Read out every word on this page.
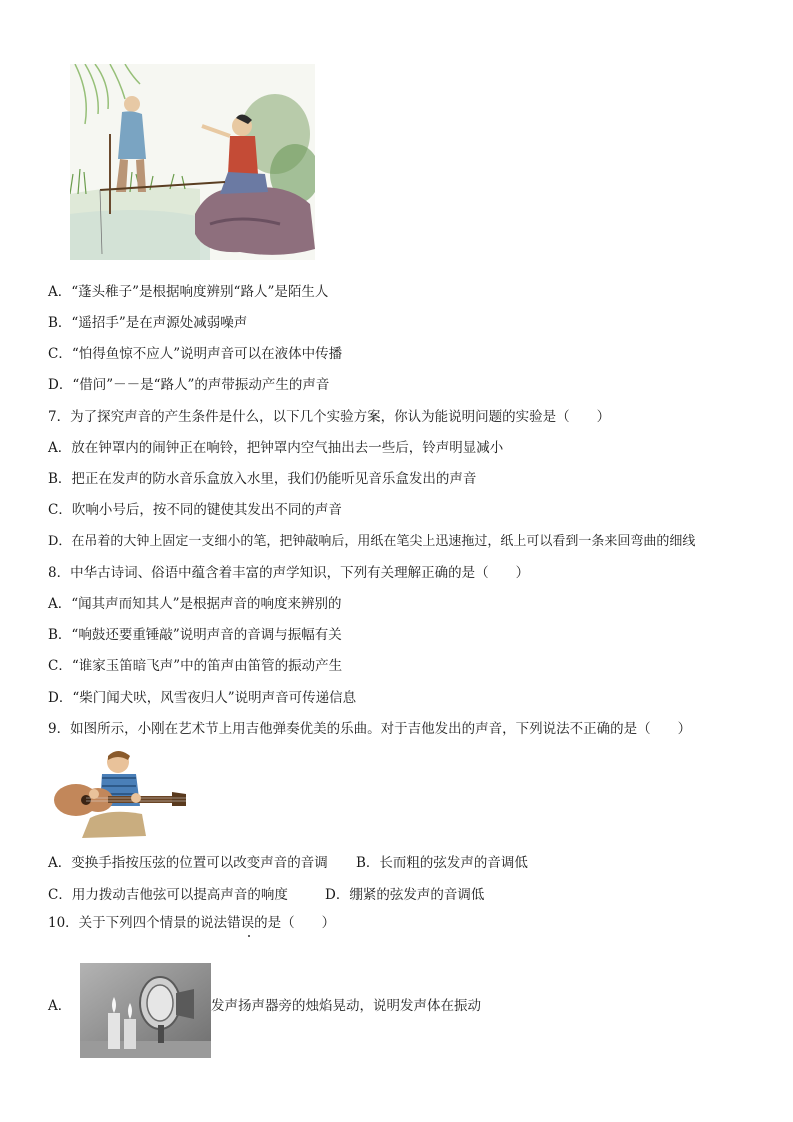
A．“蓬头稚子”是根据响度辨别“路人”是陌生人
B．“遥招手”是在声源处减弱噪声
C．“怕得鱼惊不应人”说明声音可以在液体中传播
D．“借问”－－是“路人”的声带振动产生的声音
7．为了探究声音的产生条件是什么，以下几个实验方案，你认为能说明问题的实验是（　　）
A．放在钟罩内的闹钟正在响铃，把钟罩内空气抽出去一些后，铃声明显减小
B．把正在发声的防水音乐盒放入水里，我们仍能听见音乐盒发出的声音
C．吹响小号后，按不同的键使其发出不同的声音
D．在吊着的大钟上固定一支细小的笔，把钟敲响后，用纸在笔尖上迅速拖过，纸上可以看到一条来回弯曲的细线
8．中华古诗词、俗语中蕴含着丰富的声学知识，下列有关理解正确的是（　　）
A．“闻其声而知其人”是根据声音的响度来辨别的
B．“响鼓还要重锤敲”说明声音的音调与振幅有关
C．“谁家玉笛暗飞声”中的笛声由笛管的振动产生
D．“柴门闻犬吠，风雪夜归人”说明声音可传递信息
9．如图所示，小刚在艺术节上用吉他弹奏优美的乐曲。对于吉他发出的声音，下列说法不正确的是（　　）
A．变换手指按压弦的位置可以改变声音的音调 B．长而粗的弦发声的音调低
C．用力拨动吉他弦可以提高声音的响度	D．绷紧的弦发声的音调低
10．关于下列四个情景的说法错误的是（　　）
A．	发声扬声器旁的烛焰晃动，说明发声体在振动
